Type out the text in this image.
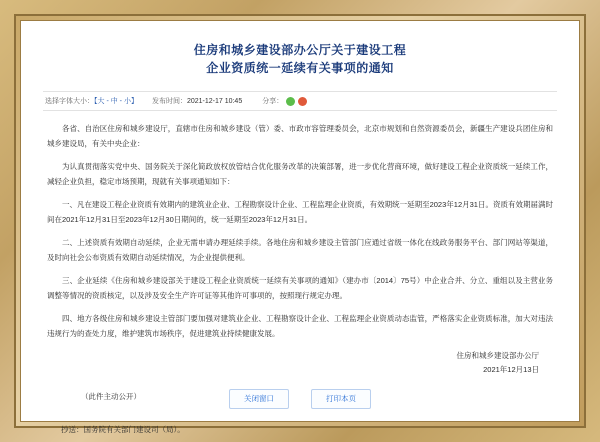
住房和城乡建设部办公厅关于建设工程
企业资质统一延续有关事项的通知
选择字体大小：【大 - 中 - 小】 发布时间：2021-12-17 10:45	分享：

各省、自治区住房和城乡建设厅，直辖市住房和城乡建设（管）委、市政市容管理委员会，北京市规划和自然资源委员会，新疆生产建设兵团住房和城乡建设局，有关中央企业：

为认真贯彻落实党中央、国务院关于深化简政放权放管结合优化服务改革的决策部署，进一步优化营商环境，做好建设工程企业资质统一延续工作，减轻企业负担，稳定市场预期，现就有关事项通知如下：

一、凡在建设工程企业资质有效期内的建筑业企业、工程勘察设计企业、工程监理企业资质，有效期统一延期至2023年12月31日。资质有效期届满时间在2021年12月31日至2023年12月30日期间的，统一延期至2023年12月31日。

二、上述资质有效期自动延续，企业无需申请办理延续手续。各地住房和城乡建设主管部门应通过省级一体化在线政务服务平台、部门网站等渠道，及时向社会公布资质有效期自动延续情况，为企业提供便利。

三、企业延续《住房和城乡建设部关于建设工程企业资质统一延续有关事项的通知》（建办市〔2014〕75号）中企业合并、分立、重组以及主营业务调整等情况的资质核定，以及涉及安全生产许可证等其他许可事项的，按照现行规定办理。

四、地方各级住房和城乡建设主管部门要加强对建筑业企业、工程勘察设计企业、工程监理企业资质动态监管，严格落实企业资质标准，加大对违法违规行为的查处力度，维护建筑市场秩序，促进建筑业持续健康发展。

住房和城乡建设部办公厅
2021年12月13日
（此件主动公开）
抄送：国务院有关部门建设司（局）。
关闭窗口	打印本页
